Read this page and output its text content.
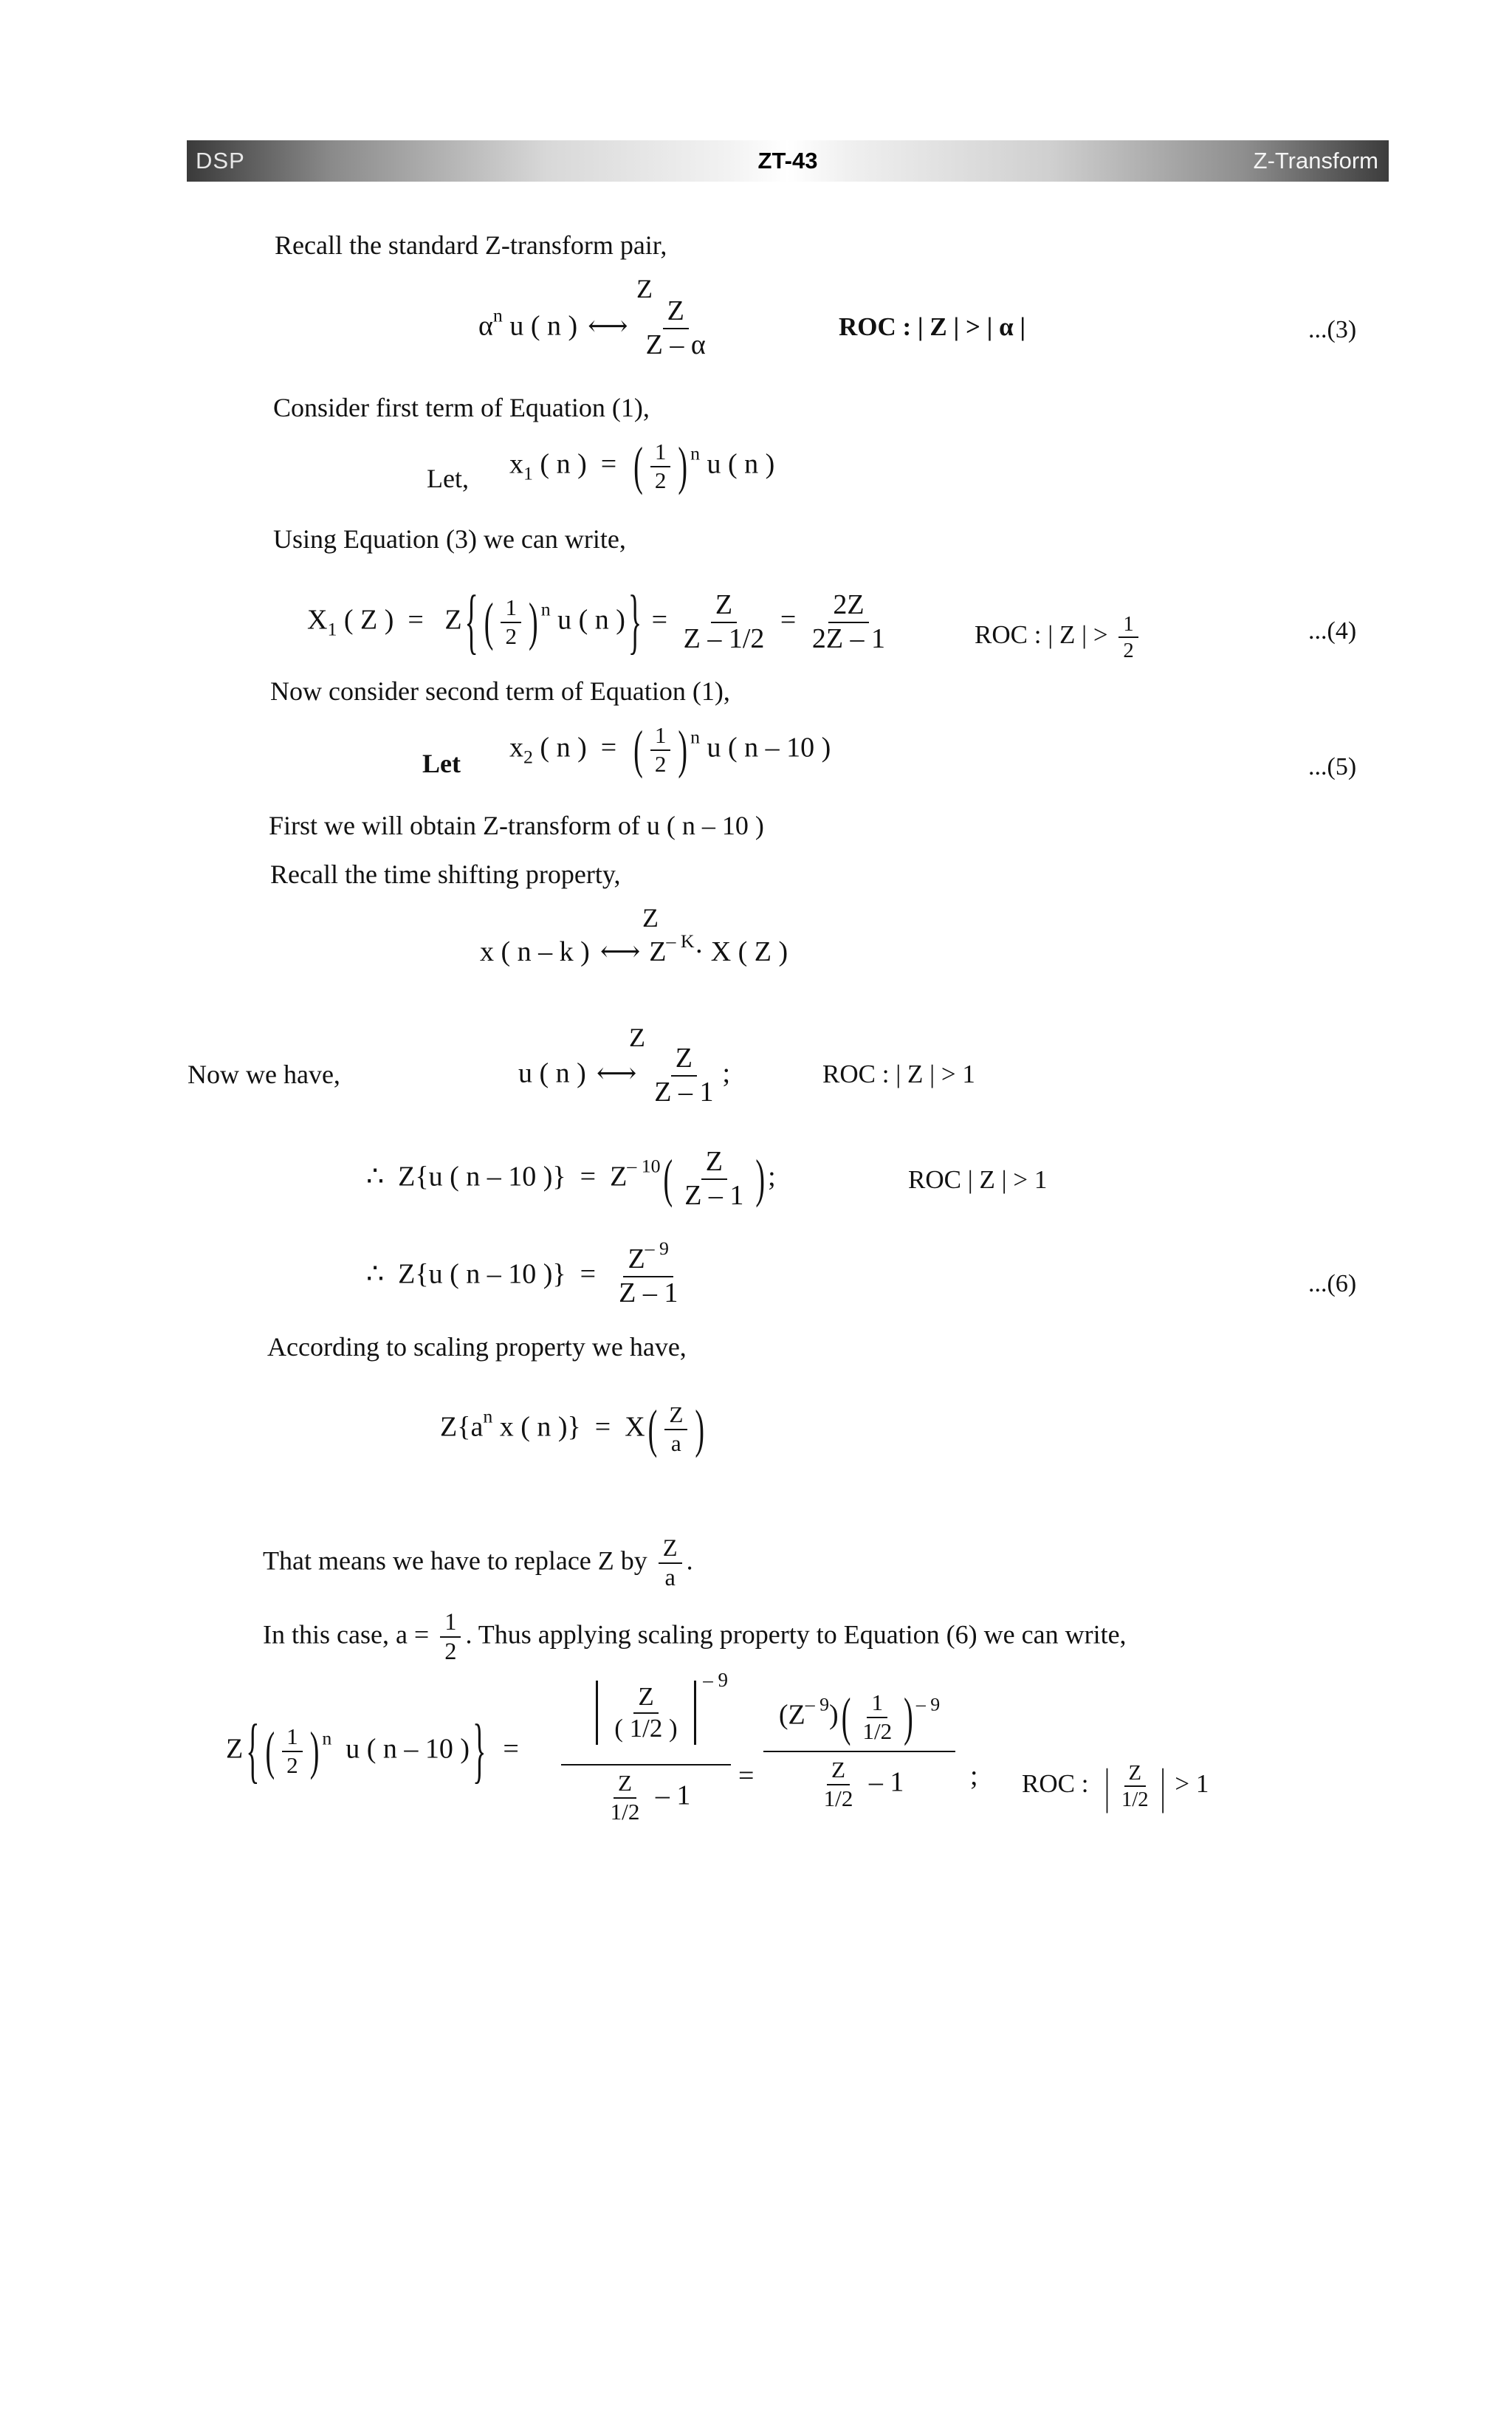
DSP	ZT-43	Z-Transform
Recall the standard Z-transform pair,
Z
$\alpha^n$ u ( n ) ⟷ $\frac{Z}{Z - \alpha}$	ROC : | Z | > | α |	...(3)
Consider first term of Equation (1),
Let, $x_1$ ( n )  =  ( $\frac{1}{2}$ ) $^n$ u ( n )
Using Equation (3) we can write,
$X_1$ ( Z )  =   Z { ( $\frac{1}{2}$ ) $^n$ u ( n ) } = $\frac{Z}{Z - 1/2} = \frac{2Z}{2Z - 1}$	ROC : | Z | > $\frac{1}{2}$	...(4)
Now consider second term of Equation (1),
Let
$x_2$ ( n )  =  ( $\frac{1}{2}$ ) $^n$ u ( n – 10 )
...(5)
First we will obtain Z-transform of u ( n – 10 )
Recall the time shifting property,
Z
x ( n – k ) ⟷ $Z^{- K}\cdot X$ ( Z )
Z
Now we have,	u ( n ) ⟷ $\frac{Z}{Z - 1}$ ;	ROC : | Z | > 1
∴  Z{u ( n – 10 )}  =  $Z^{- 10}$ ( $\frac{Z}{Z - 1}$ ) ;	ROC | Z | > 1
∴  Z{u ( n – 10 )}  = $\frac{Z^{- 9}}{Z - 1}$	...(6)
According to scaling property we have,
$Z\{a^n$ x ( n )}  =  X ( $\frac{Z}{a}$ )
That means we have to replace Z by $\frac{Z}{a}$ .
In this case, $a = \frac{1}{2}$ . Thus applying scaling property to Equation (6) we can write,
Z { ( $\frac{1}{2}$ ) $^n$  u ( n – 10 ) }  =
$\frac{Z}{( 1/2 )}$
– 9
$\frac{Z}{1/2} - 1$
=
$(Z^{- 9})$ ( $\frac{1}{1/2}$ ) $^{- 9}$
$\frac{Z}{1/2} - 1$	; ROC :  | $\frac{Z}{1/2}$ | > 1
